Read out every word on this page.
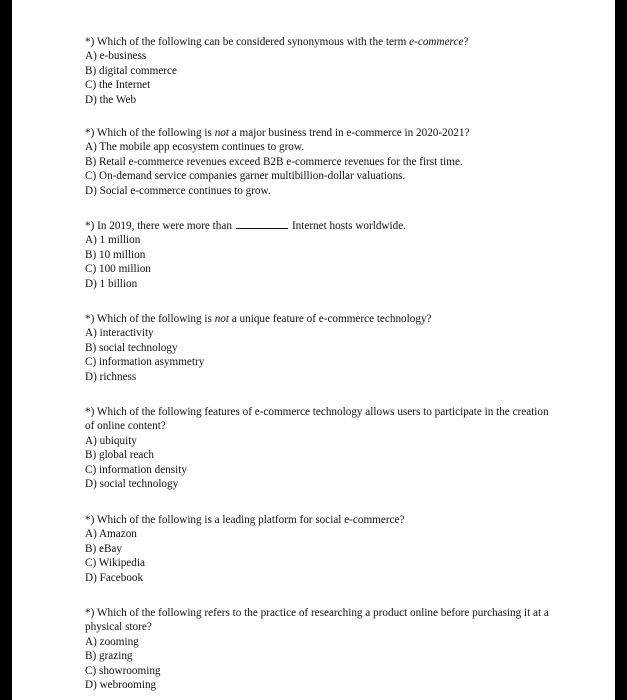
*) Which of the following can be considered synonymous with the term e-commerce?
A) e-business
B) digital commerce
C) the Internet
D) the Web
*) Which of the following is not a major business trend in e-commerce in 2020-2021?
A) The mobile app ecosystem continues to grow.
B) Retail e-commerce revenues exceed B2B e-commerce revenues for the first time.
C) On-demand service companies garner multibillion-dollar valuations.
D) Social e-commerce continues to grow.
*) In 2019, there were more than	Internet hosts worldwide.
A) 1 million
B) 10 million
C) 100 million
D) 1 billion
*) Which of the following is not a unique feature of e-commerce technology?
A) interactivity
B) social technology
C) information asymmetry
D) richness
*) Which of the following features of e-commerce technology allows users to participate in the creation of online content?
A) ubiquity
B) global reach
C) information density
D) social technology
*) Which of the following is a leading platform for social e-commerce?
A) Amazon
B) eBay
C) Wikipedia
D) Facebook
*) Which of the following refers to the practice of researching a product online before purchasing it at a physical store?
A) zooming
B) grazing
C) showrooming
D) webrooming
